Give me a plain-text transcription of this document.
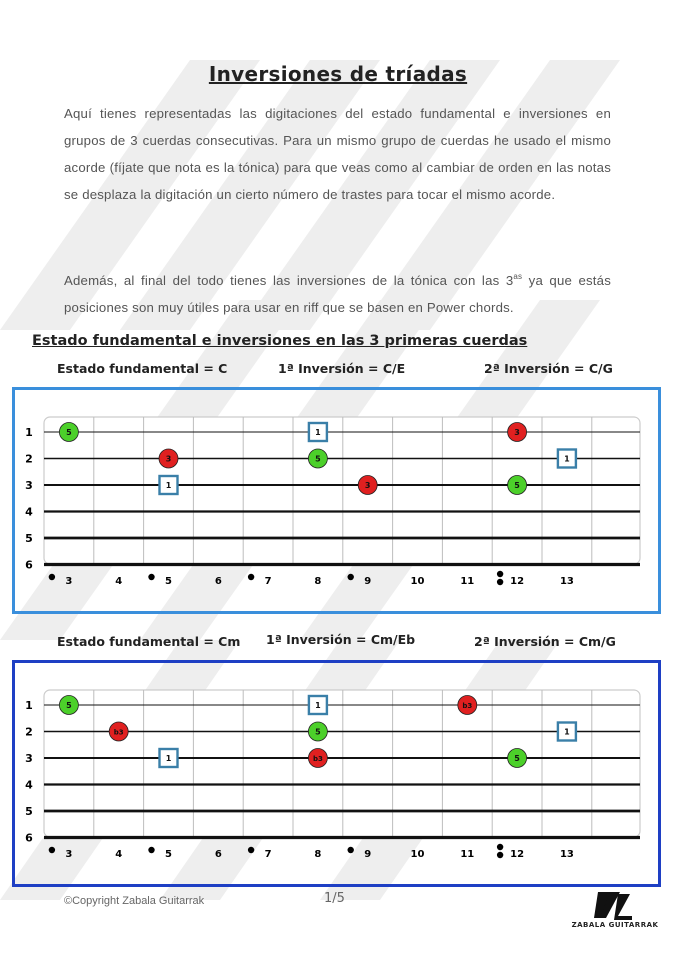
Inversiones de tríadas
Aquí tienes representadas las digitaciones del estado fundamental e inversiones en grupos de 3 cuerdas consecutivas. Para un mismo grupo de cuerdas he usado el mismo acorde (fíjate que nota es la tónica) para que veas como al cambiar de orden en las notas se desplaza la digitación un cierto número de trastes para tocar el mismo acorde.
Además, al final del todo tienes las inversiones de la tónica con las $3^{as}$ ya que estás posiciones son muy útiles para usar en riff que se basen en Power chords.
Estado fundamental e inversiones en las 3 primeras cuerdas
Estado fundamental = C	1ª Inversión = C/E	2ª Inversión = C/G
1
2
3
4
5
6
3	4	5	6	7	8	9	10	11	12	13
5
3
1
1
5
3
3
1
5
Estado fundamental = Cm 1ª Inversión = Cm/Eb	2ª Inversión = Cm/G
1
2
3
4
5
6
3	4	5	6	7	8	9	10	11	12	13
5
b3
1
1
5
b3
b3
1
5
©Copyright Zabala Guitarrak	1/5
ZABALA GUITARRAK
